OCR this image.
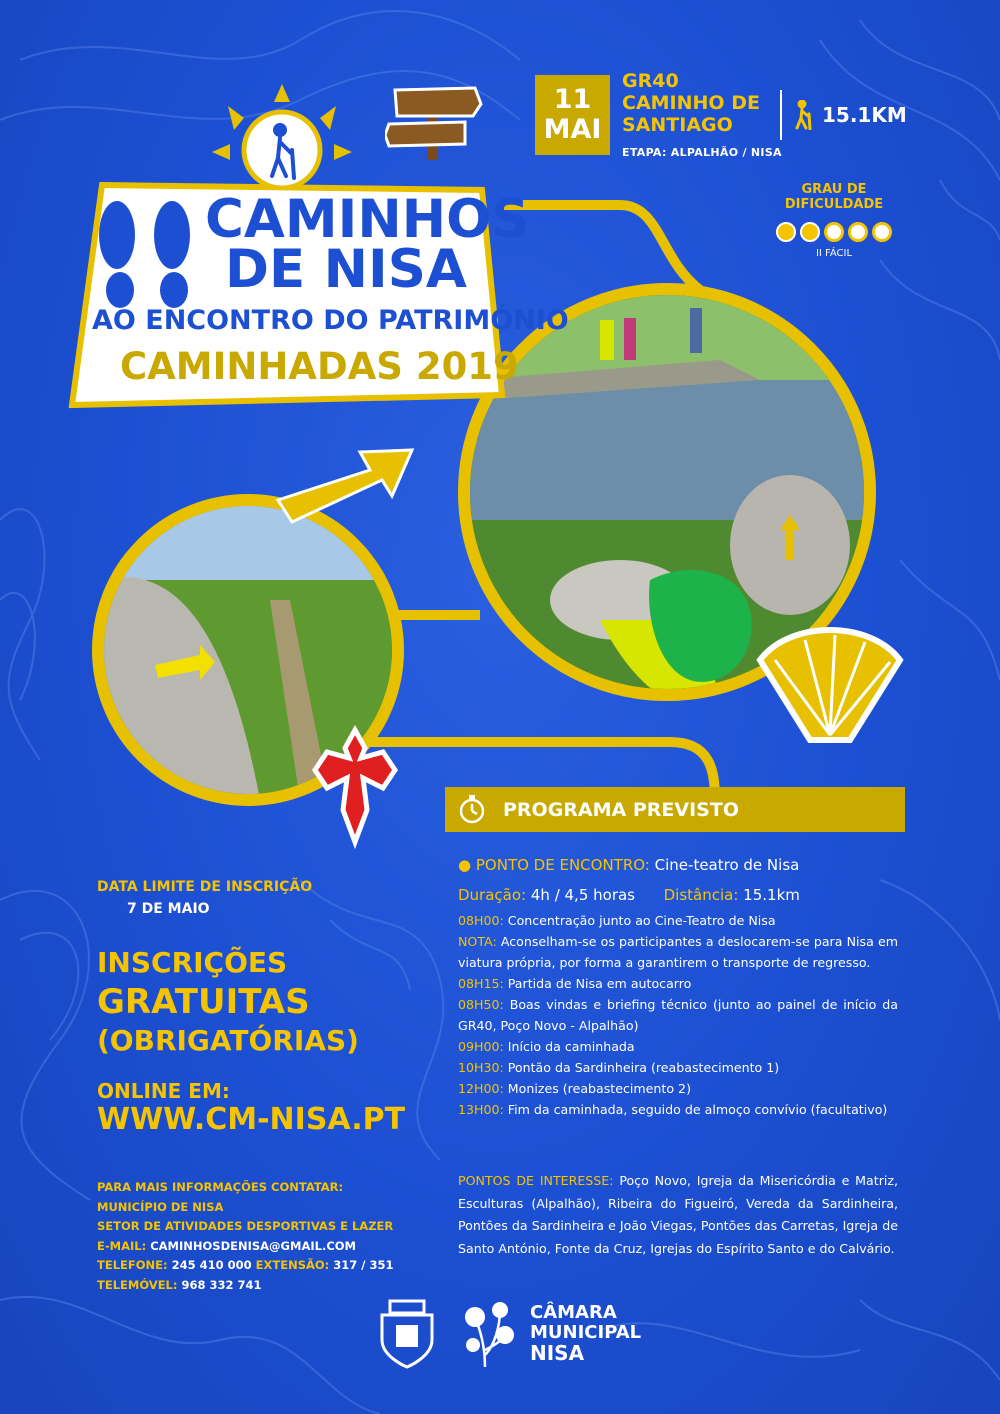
CAMINHOS
DE NISA
AO ENCONTRO DO PATRIMÓNIO
CAMINHADAS 2019
11
MAI
GR40
CAMINHO DE
SANTIAGO
ETAPA: ALPALHÃO / NISA
15.1KM
GRAU DE DIFICULDADE
II FÁCIL
PROGRAMA PREVISTO

● PONTO DE ENCONTRO: Cine-teatro de Nisa

Duração: 4h / 4,5 horas Distância: 15.1km

08H00: Concentração junto ao Cine-Teatro de Nisa

NOTA: Aconselham-se os participantes a deslocarem-se para Nisa em viatura própria, por forma a garantirem o transporte de regresso.

08H15: Partida de Nisa em autocarro

08H50: Boas vindas e briefing técnico (junto ao painel de início da GR40, Poço Novo - Alpalhão)

09H00: Início da caminhada

10H30: Pontão da Sardinheira (reabastecimento 1)

12H00: Monizes (reabastecimento 2)

13H00: Fim da caminhada, seguido de almoço convívio (facultativo)

PONTOS DE INTERESSE: Poço Novo, Igreja da Misericórdia e Matriz, Esculturas (Alpalhão), Ribeira do Figueiró, Vereda da Sardinheira, Pontões da Sardinheira e João Viegas, Pontões das Carretas, Igreja de Santo António, Fonte da Cruz, Igrejas do Espírito Santo e do Calvário.
DATA LIMITE DE INSCRIÇÃO
7 DE MAIO
INSCRIÇÕES
GRATUITAS
(OBRIGATÓRIAS)
ONLINE EM:
WWW.CM-NISA.PT
PARA MAIS INFORMAÇÕES CONTATAR:
MUNICÍPIO DE NISA
SETOR DE ATIVIDADES DESPORTIVAS E LAZER
E-MAIL: CAMINHOSDENISA@GMAIL.COM
TELEFONE: 245 410 000 EXTENSÃO: 317 / 351
TELEMÓVEL: 968 332 741
CÂMARA
MUNICIPAL
NISA
